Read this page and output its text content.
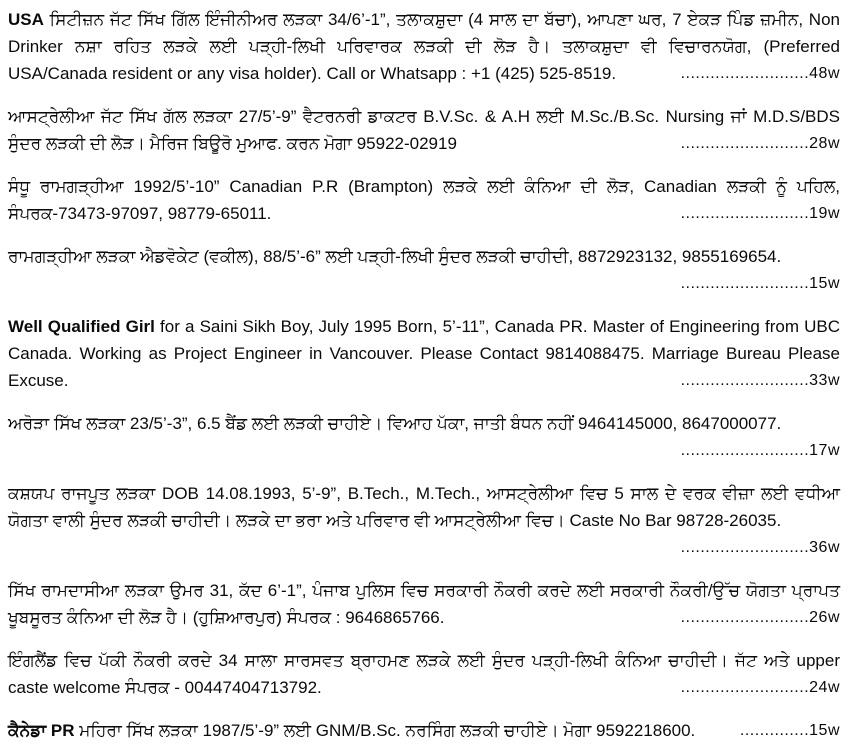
USA ਸਿਟੀਜ਼ਨ ਜੱਟ ਸਿੱਖ ਗਿੱਲ ਇੰਜੀਨੀਅਰ ਲੜਕਾ 34/6’-1”, ਤਲਾਕਸ਼ੁਦਾ (4 ਸਾਲ ਦਾ ਬੱਚਾ), ਆਪਣਾ ਘਰ, 7 ਏਕੜ ਪਿੰਡ ਜ਼ਮੀਨ, Non Drinker ਨਸ਼ਾ ਰਹਿਤ ਲੜਕੇ ਲਈ ਪੜ੍ਹੀ-ਲਿਖੀ ਪਰਿਵਾਰਕ ਲੜਕੀ ਦੀ ਲੋੜ ਹੈ। ਤਲਾਕਸ਼ੁਦਾ ਵੀ ਵਿਚਾਰਨਯੋਗ, (Preferred USA/Canada resident or any visa holder). Call or Whatsapp : +1 (425) 525-8519.	..........................48w

ਆਸਟ੍ਰੇਲੀਆ ਜੱਟ ਸਿੱਖ ਗੱਲ ਲੜਕਾ 27/5’-9” ਵੈਟਰਨਰੀ ਡਾਕਟਰ B.V.Sc. & A.H ਲਈ M.Sc./B.Sc. Nursing ਜਾਂ M.D.S/BDS ਸੁੰਦਰ ਲੜਕੀ ਦੀ ਲੋੜ। ਮੈਰਿਜ ਬਿਊਰੋ ਮੁਆਫ. ਕਰਨ ਮੋਗਾ 95922-02919	..........................28w

ਸੰਧੂ ਰਾਮਗੜ੍ਹੀਆ 1992/5’-10” Canadian P.R (Brampton) ਲੜਕੇ ਲਈ ਕੰਨਿਆ ਦੀ ਲੋੜ, Canadian ਲੜਕੀ ਨੂੰ ਪਹਿਲ, ਸੰਪਰਕ-73473-97097, 98779-65011.	..........................19w

ਰਾਮਗੜ੍ਹੀਆ ਲੜਕਾ ਐਡਵੋਕੇਟ (ਵਕੀਲ), 88/5’-6” ਲਈ ਪੜ੍ਹੀ-ਲਿਖੀ ਸੁੰਦਰ ਲੜਕੀ ਚਾਹੀਦੀ, 8872923132, 9855169654.
..........................15w

Well Qualified Girl for a Saini Sikh Boy, July 1995 Born, 5’-11”, Canada PR. Master of Engineering from UBC Canada. Working as Project Engineer in Vancouver. Please Contact 9814088475. Marriage Bureau Please Excuse.	..........................33w

ਅਰੋੜਾ ਸਿੱਖ ਲੜਕਾ 23/5’-3”, 6.5 ਬੈਂਡ ਲਈ ਲੜਕੀ ਚਾਹੀਏ। ਵਿਆਹ ਪੱਕਾ, ਜਾਤੀ ਬੰਧਨ ਨਹੀਂ 9464145000, 8647000077.
..........................17w

ਕਸ਼ਯਪ ਰਾਜਪੂਤ ਲੜਕਾ DOB 14.08.1993, 5’-9”, B.Tech., M.Tech., ਆਸਟ੍ਰੇਲੀਆ ਵਿਚ 5 ਸਾਲ ਦੇ ਵਰਕ ਵੀਜ਼ਾ ਲਈ ਵਧੀਆ ਯੋਗਤਾ ਵਾਲੀ ਸੁੰਦਰ ਲੜਕੀ ਚਾਹੀਦੀ। ਲੜਕੇ ਦਾ ਭਰਾ ਅਤੇ ਪਰਿਵਾਰ ਵੀ ਆਸਟ੍ਰੇਲੀਆ ਵਿਚ। Caste No Bar 98728-26035.
..........................36w

ਸਿੱਖ ਰਾਮਦਾਸੀਆ ਲੜਕਾ ਉਮਰ 31, ਕੱਦ 6’-1”, ਪੰਜਾਬ ਪੁਲਿਸ ਵਿਚ ਸਰਕਾਰੀ ਨੌਕਰੀ ਕਰਦੇ ਲਈ ਸਰਕਾਰੀ ਨੌਕਰੀ/ਉੱਚ ਯੋਗਤਾ ਪ੍ਰਾਪਤ ਖੂਬਸੂਰਤ ਕੰਨਿਆ ਦੀ ਲੋੜ ਹੈ। (ਹੁਸ਼ਿਆਰਪੁਰ) ਸੰਪਰਕ : 9646865766.	..........................26w

ਇੰਗਲੈਂਡ ਵਿਚ ਪੱਕੀ ਨੌਕਰੀ ਕਰਦੇ 34 ਸਾਲਾ ਸਾਰਸਵਤ ਬ੍ਰਾਹਮਣ ਲੜਕੇ ਲਈ ਸੁੰਦਰ ਪੜ੍ਹੀ-ਲਿਖੀ ਕੰਨਿਆ ਚਾਹੀਦੀ। ਜੱਟ ਅਤੇ upper caste welcome ਸੰਪਰਕ - 00447404713792.	..........................24w

ਕੈਨੇਡਾ PR ਮਹਿਰਾ ਸਿੱਖ ਲੜਕਾ 1987/5’-9” ਲਈ GNM/B.Sc. ਨਰਸਿੰਗ ਲੜਕੀ ਚਾਹੀਏ। ਮੋਗਾ 9592218600.	..............15w
